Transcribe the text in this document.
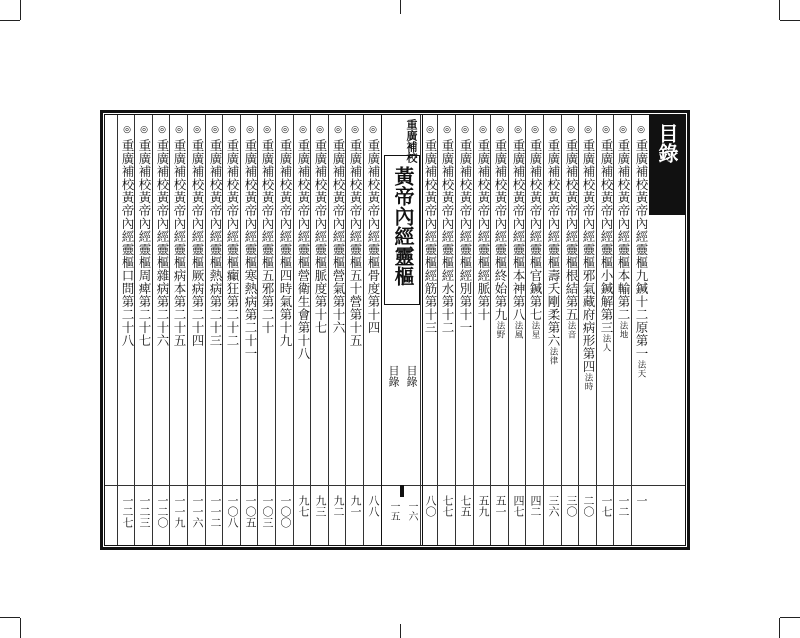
目錄
重廣補校
黃帝內經靈樞
目錄
目錄
一六 一五
◎
重廣補校黃帝內經靈樞九鍼十二原第一法天
一
◎
重廣補校黃帝內經靈樞本輸第二法地
一二
◎
重廣補校黃帝內經靈樞小鍼解第三法人
一七
◎
重廣補校黃帝內經靈樞邪氣藏府病形第四法時
二〇
◎
重廣補校黃帝內經靈樞根結第五法音
三〇
◎
重廣補校黃帝內經靈樞壽夭剛柔第六法律
三六
◎
重廣補校黃帝內經靈樞官鍼第七法星
四二
◎
重廣補校黃帝內經靈樞本神第八法風
四七
◎
重廣補校黃帝內經靈樞終始第九法野
五一
◎
重廣補校黃帝內經靈樞經脈第十
五九
◎
重廣補校黃帝內經靈樞經別第十一
七五
◎
重廣補校黃帝內經靈樞經水第十二
七七
◎
重廣補校黃帝內經靈樞經筋第十三
八〇
◎
重廣補校黃帝內經靈樞骨度第十四
八八
◎
重廣補校黃帝內經靈樞五十營第十五
九一
◎
重廣補校黃帝內經靈樞營氣第十六
九二
◎
重廣補校黃帝內經靈樞脈度第十七
九三
◎
重廣補校黃帝內經靈樞營衛生會第十八
九七
◎
重廣補校黃帝內經靈樞四時氣第十九
一〇〇
◎
重廣補校黃帝內經靈樞五邪第二十
一〇三
◎
重廣補校黃帝內經靈樞寒熱病第二十一
一〇五
◎
重廣補校黃帝內經靈樞癲狂第二十二
一〇八
◎
重廣補校黃帝內經靈樞熱病第二十三
一一二
◎
重廣補校黃帝內經靈樞厥病第二十四
一一六
◎
重廣補校黃帝內經靈樞病本第二十五
一一九
◎
重廣補校黃帝內經靈樞雜病第二十六
一二〇
◎
重廣補校黃帝內經靈樞周痺第二十七
一二三
◎
重廣補校黃帝內經靈樞口問第二十八
一二七
